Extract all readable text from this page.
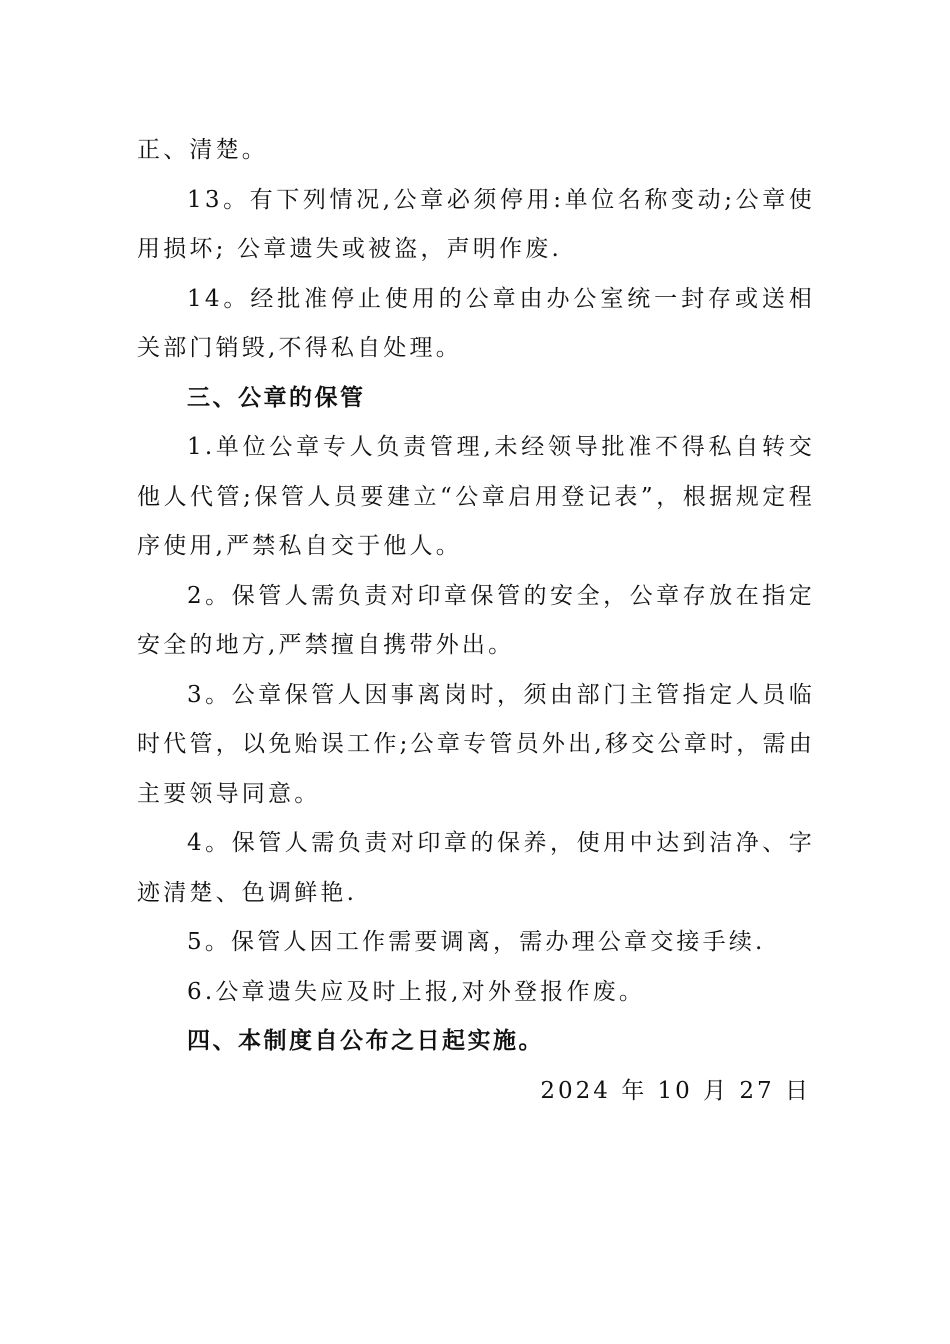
正、清楚。

13。有下列情况,公章必须停用:单位名称变动;公章使用损坏; 公章遗失或被盗，声明作废.

14。经批准停止使用的公章由办公室统一封存或送相关部门销毁,不得私自处理。

三、公章的保管

1.单位公章专人负责管理,未经领导批准不得私自转交他人代管;保管人员要建立“公章启用登记表”，根据规定程序使用,严禁私自交于他人。

2。保管人需负责对印章保管的安全，公章存放在指定安全的地方,严禁擅自携带外出。

3。公章保管人因事离岗时，须由部门主管指定人员临时代管，以免贻误工作;公章专管员外出,移交公章时，需由主要领导同意。

4。保管人需负责对印章的保养，使用中达到洁净、字迹清楚、色调鲜艳.

5。保管人因工作需要调离，需办理公章交接手续.

6.公章遗失应及时上报,对外登报作废。

四、本制度自公布之日起实施。

2024 年 10 月 27 日
